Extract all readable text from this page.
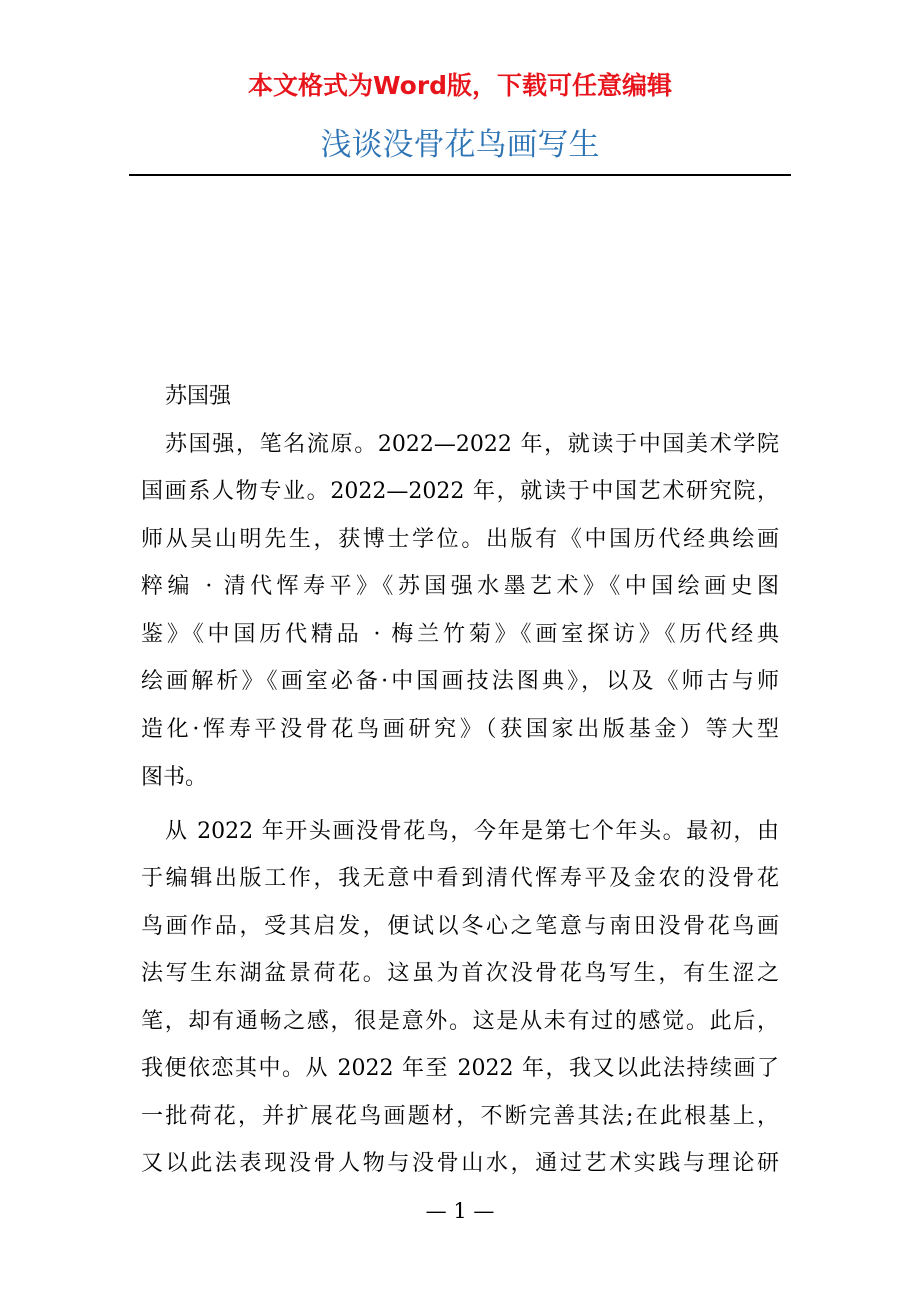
本文格式为Word版，下载可任意编辑
浅谈没骨花鸟画写生
苏国强
苏国强，笔名流原。2022—2022 年，就读于中国美术学院
国画系人物专业。2022—2022 年，就读于中国艺术研究院，
师从吴山明先生，获博士学位。出版有《中国历代经典绘画
粹编 · 清代恽寿平》《苏国强水墨艺术》《中国绘画史图
鉴》《中国历代精品 · 梅兰竹菊》《画室探访》《历代经典
绘画解析》《画室必备·中国画技法图典》，以及《师古与师
造化·恽寿平没骨花鸟画研究》（获国家出版基金）等大型
图书。
从 2022 年开头画没骨花鸟，今年是第七个年头。最初，由
于编辑出版工作，我无意中看到清代恽寿平及金农的没骨花
鸟画作品，受其启发，便试以冬心之笔意与南田没骨花鸟画
法写生东湖盆景荷花。这虽为首次没骨花鸟写生，有生涩之
笔，却有通畅之感，很是意外。这是从未有过的感觉。此后，
我便依恋其中。从 2022 年至 2022 年，我又以此法持续画了
一批荷花，并扩展花鸟画题材，不断完善其法;在此根基上，
又以此法表现没骨人物与没骨山水，通过艺术实践与理论研
— 1 —
